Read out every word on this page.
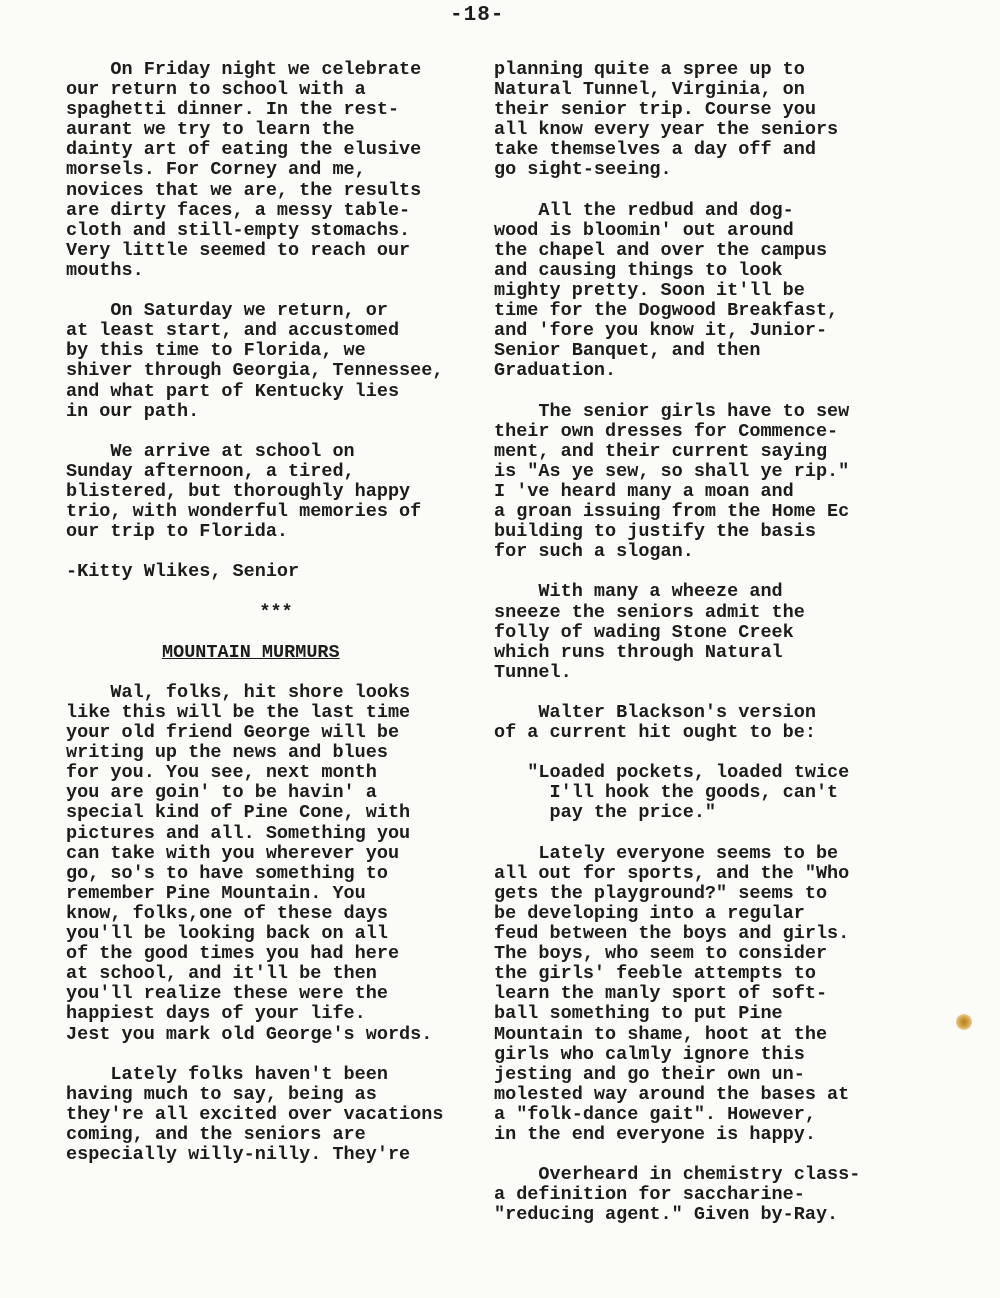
-18-
On Friday night we celebrate
our return to school with a
spaghetti dinner. In the rest-
aurant we try to learn the
dainty art of eating the elusive
morsels. For Corney and me,
novices that we are, the results
are dirty faces, a messy table-
cloth and still-empty stomachs.
Very little seemed to reach our
mouths.
On Saturday we return, or
at least start, and accustomed
by this time to Florida, we
shiver through Georgia, Tennessee,
and what part of Kentucky lies
in our path.
We arrive at school on
Sunday afternoon, a tired,
blistered, but thoroughly happy
trio, with wonderful memories of
our trip to Florida.
-Kitty Wlikes, Senior
***
MOUNTAIN MURMURS
Wal, folks, hit shore looks
like this will be the last time
your old friend George will be
writing up the news and blues
for you. You see, next month
you are goin' to be havin' a
special kind of Pine Cone, with
pictures and all. Something you
can take with you wherever you
go, so's to have something to
remember Pine Mountain. You
know, folks,one of these days
you'll be looking back on all
of the good times you had here
at school, and it'll be then
you'll realize these were the
happiest days of your life.
Jest you mark old George's words.
Lately folks haven't been
having much to say, being as
they're all excited over vacations
coming, and the seniors are
especially willy-nilly. They're
planning quite a spree up to
Natural Tunnel, Virginia, on
their senior trip. Course you
all know every year the seniors
take themselves a day off and
go sight-seeing.
All the redbud and dog-
wood is bloomin' out around
the chapel and over the campus
and causing things to look
mighty pretty. Soon it'll be
time for the Dogwood Breakfast,
and 'fore you know it, Junior-
Senior Banquet, and then
Graduation.
The senior girls have to sew
their own dresses for Commence-
ment, and their current saying
is "As ye sew, so shall ye rip."
I 've heard many a moan and
a groan issuing from the Home Ec
building to justify the basis
for such a slogan.
With many a wheeze and
sneeze the seniors admit the
folly of wading Stone Creek
which runs through Natural
Tunnel.
Walter Blackson's version
of a current hit ought to be:
"Loaded pockets, loaded twice
I'll hook the goods, can't
pay the price."
Lately everyone seems to be
all out for sports, and the "Who
gets the playground?" seems to
be developing into a regular
feud between the boys and girls.
The boys, who seem to consider
the girls' feeble attempts to
learn the manly sport of soft-
ball something to put Pine
Mountain to shame, hoot at the
girls who calmly ignore this
jesting and go their own un-
molested way around the bases at
a "folk-dance gait". However,
in the end everyone is happy.
Overheard in chemistry class-
a definition for saccharine-
"reducing agent." Given by-Ray.
